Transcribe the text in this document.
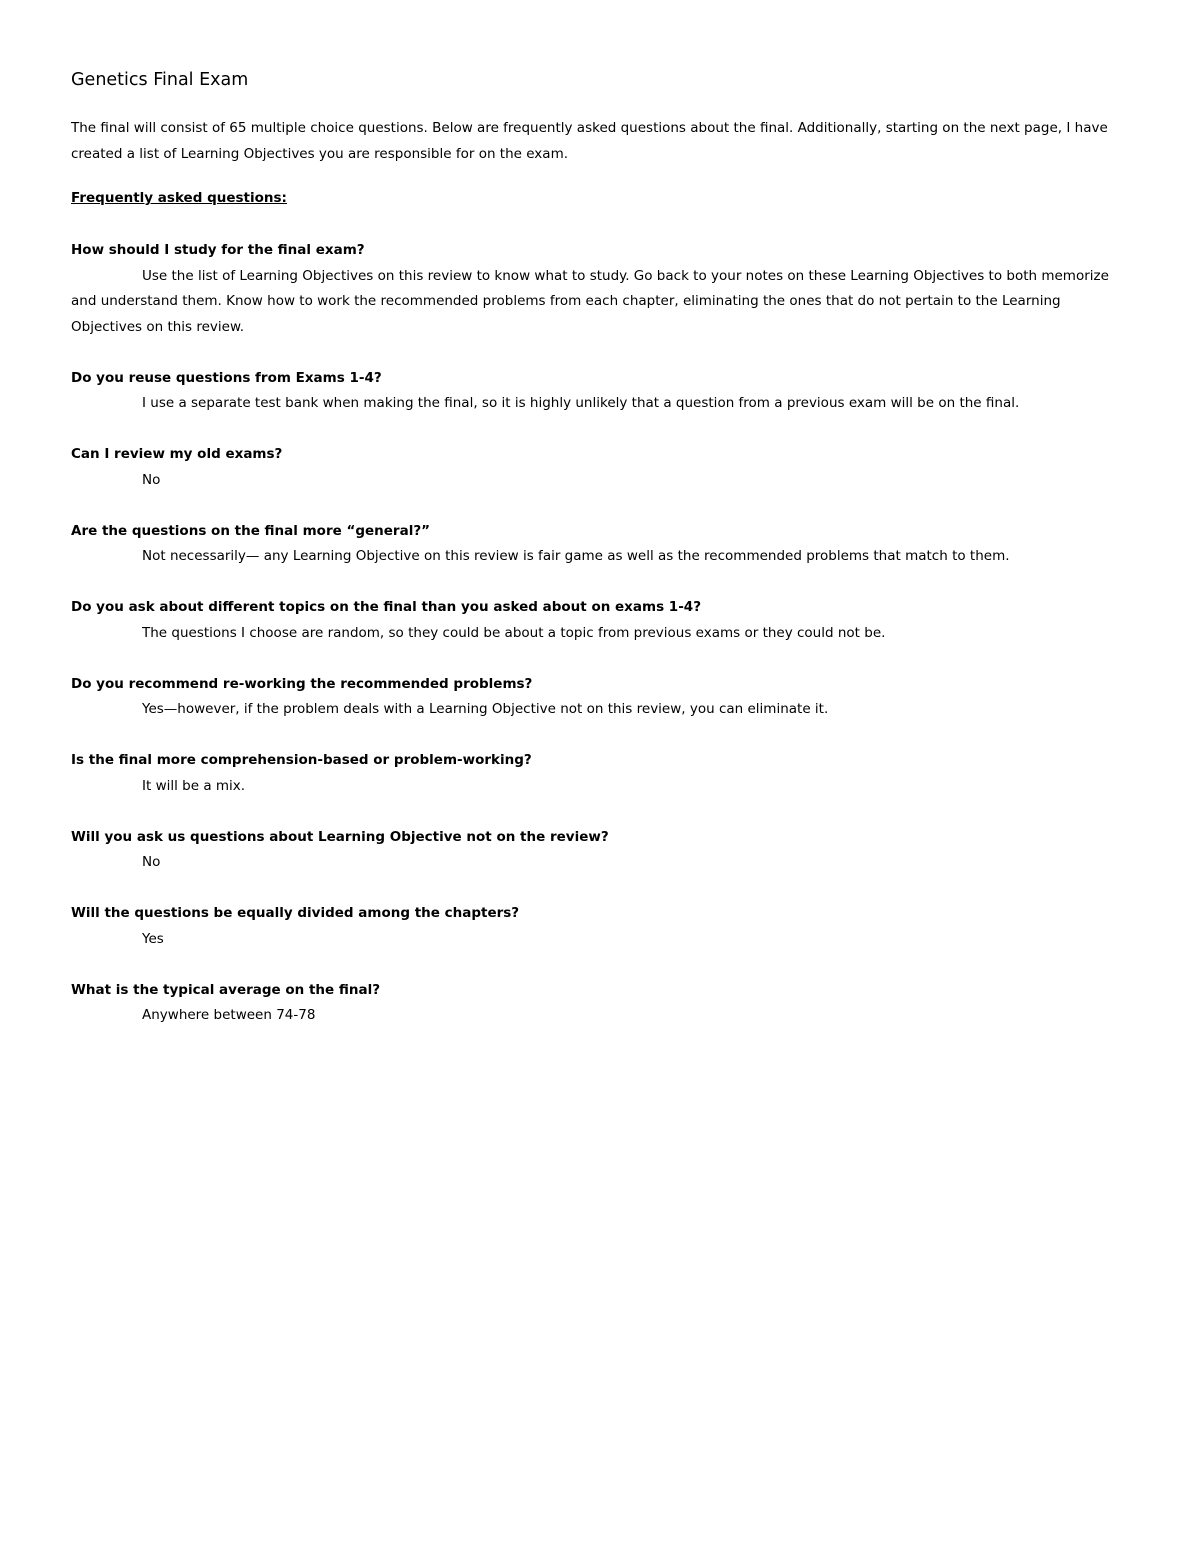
Genetics Final Exam

The final will consist of 65 multiple choice questions. Below are frequently asked questions about the final. Additionally, starting on the next page, I have created a list of Learning Objectives you are responsible for on the exam.

Frequently asked questions:
How should I study for the final exam?
Use the list of Learning Objectives on this review to know what to study. Go back to your notes on these Learning Objectives to both memorize and understand them. Know how to work the recommended problems from each chapter, eliminating the ones that do not pertain to the Learning Objectives on this review.
Do you reuse questions from Exams 1-4?
I use a separate test bank when making the final, so it is highly unlikely that a question from a previous exam will be on the final.
Can I review my old exams?
No
Are the questions on the final more “general?”
Not necessarily— any Learning Objective on this review is fair game as well as the recommended problems that match to them.
Do you ask about different topics on the final than you asked about on exams 1-4?
The questions I choose are random, so they could be about a topic from previous exams or they could not be.
Do you recommend re-working the recommended problems?
Yes—however, if the problem deals with a Learning Objective not on this review, you can eliminate it.
Is the final more comprehension-based or problem-working?
It will be a mix.
Will you ask us questions about Learning Objective not on the review?
No
Will the questions be equally divided among the chapters?
Yes
What is the typical average on the final?
Anywhere between 74-78
